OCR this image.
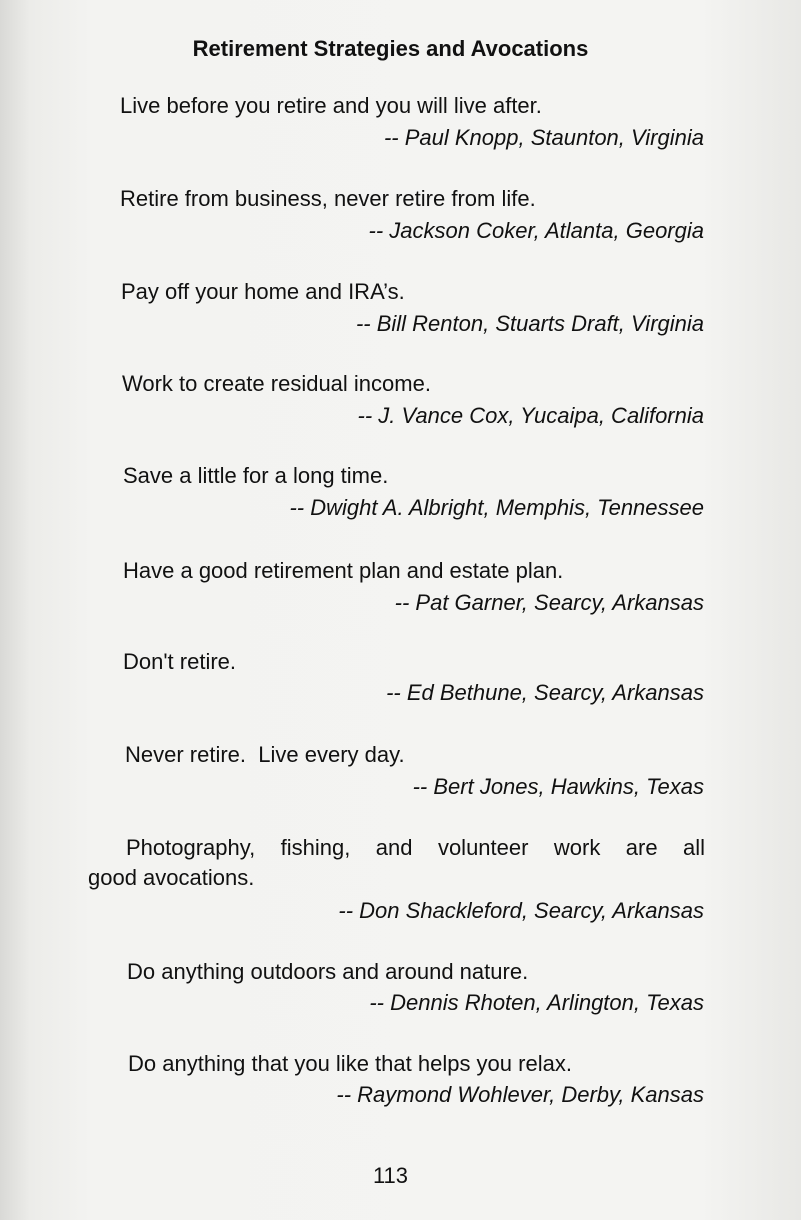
Retirement Strategies and Avocations
Live before you retire and you will live after.
-- Paul Knopp, Staunton, Virginia
Retire from business, never retire from life.
-- Jackson Coker, Atlanta, Georgia
Pay off your home and IRA’s.
-- Bill Renton, Stuarts Draft, Virginia
Work to create residual income.
-- J. Vance Cox, Yucaipa, California
Save a little for a long time.
-- Dwight A. Albright, Memphis, Tennessee
Have a good retirement plan and estate plan.
-- Pat Garner, Searcy, Arkansas
Don't retire.
-- Ed Bethune, Searcy, Arkansas
Never retire.  Live every day.
-- Bert Jones, Hawkins, Texas
Photography, fishing, and volunteer work are all
good avocations.
-- Don Shackleford, Searcy, Arkansas
Do anything outdoors and around nature.
-- Dennis Rhoten, Arlington, Texas
Do anything that you like that helps you relax.
-- Raymond Wohlever, Derby, Kansas
113
